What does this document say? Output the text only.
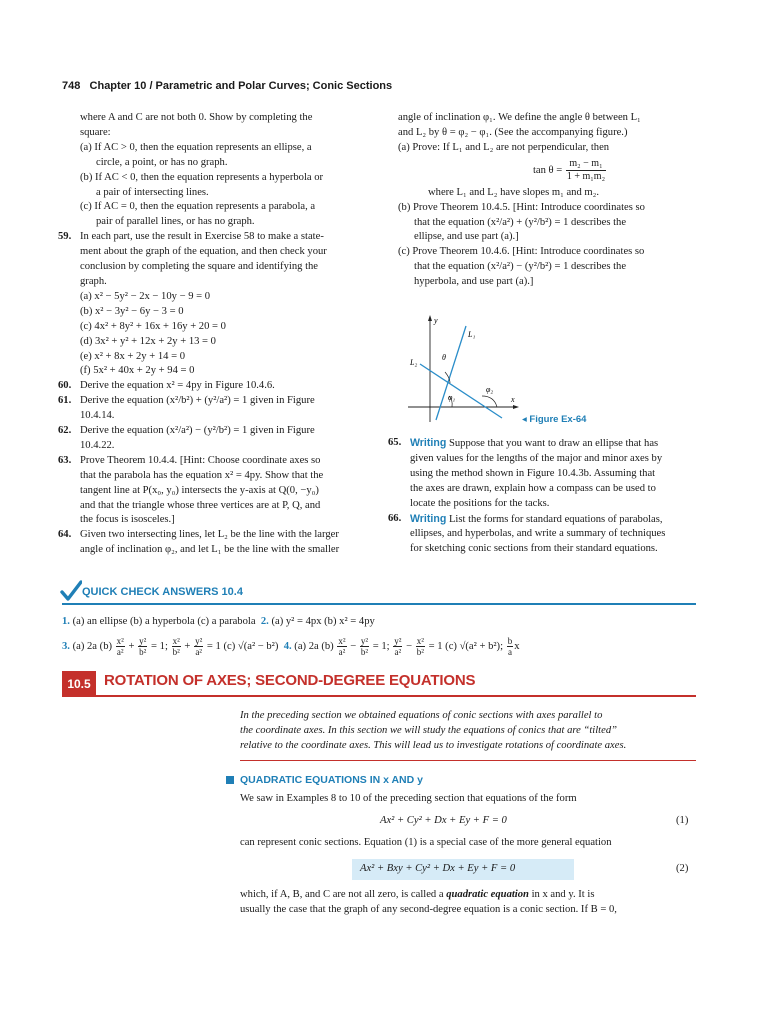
748 Chapter 10 / Parametric and Polar Curves; Conic Sections
where A and C are not both 0. Show by completing the
square:
(a) If AC > 0, then the equation represents an ellipse, a
circle, a point, or has no graph.
(b) If AC < 0, then the equation represents a hyperbola or
a pair of intersecting lines.
(c) If AC = 0, then the equation represents a parabola, a
pair of parallel lines, or has no graph.
59. In each part, use the result in Exercise 58 to make a state-
ment about the graph of the equation, and then check your
conclusion by completing the square and identifying the
graph.
(a) x² − 5y² − 2x − 10y − 9 = 0
(b) x² − 3y² − 6y − 3 = 0
(c) 4x² + 8y² + 16x + 16y + 20 = 0
(d) 3x² + y² + 12x + 2y + 13 = 0
(e) x² + 8x + 2y + 14 = 0
(f) 5x² + 40x + 2y + 94 = 0
60. Derive the equation x² = 4py in Figure 10.4.6.
61. Derive the equation (x²/b²) + (y²/a²) = 1 given in Figure
10.4.14.
62. Derive the equation (x²/a²) − (y²/b²) = 1 given in Figure
10.4.22.
63. Prove Theorem 10.4.4. [Hint: Choose coordinate axes so
that the parabola has the equation x² = 4py. Show that the
tangent line at P(x₀, y₀) intersects the y-axis at Q(0, −y₀)
and that the triangle whose three vertices are at P, Q, and
the focus is isosceles.]
64. Given two intersecting lines, let L₂ be the line with the larger
angle of inclination φ₂, and let L₁ be the line with the smaller
angle of inclination φ₁. We define the angle θ between L₁
and L₂ by θ = φ₂ − φ₁. (See the accompanying figure.)
(a) Prove: If L₁ and L₂ are not perpendicular, then
$\tan \theta = \frac{\text{m₂ − m₁}}{\text{1 + m₁m₂}}$
where L₁ and L₂ have slopes m₁ and m₂.
(b) Prove Theorem 10.4.5. [Hint: Introduce coordinates so
that the equation (x²/a²) + (y²/b²) = 1 describes the
ellipse, and use part (a).]
(c) Prove Theorem 10.4.6. [Hint: Introduce coordinates so
that the equation (x²/a²) − (y²/b²) = 1 describes the
hyperbola, and use part (a).]
y
x
L₁
L₂
θ
φ₁
φ₂
◂ Figure Ex-64
65. Writing Suppose that you want to draw an ellipse that has
given values for the lengths of the major and minor axes by
using the method shown in Figure 10.4.3b. Assuming that
the axes are drawn, explain how a compass can be used to
locate the positions for the tacks.
66. Writing List the forms for standard equations of parabolas,
ellipses, and hyperbolas, and write a summary of techniques
for sketching conic sections from their standard equations.
QUICK CHECK ANSWERS 10.4
1. (a) an ellipse (b) a hyperbola (c) a parabola 2. (a) y² = 4px (b) x² = 4py
3. (a) 2a $(b) \frac{\text{x²}}{\text{a²}} + \frac{\text{y²}}{\text{b²}} = 1$; $\frac{\text{x²}}{\text{b²}} + \frac{\text{y²}}{\text{a²}} = 1$ (c) √(a² − b²) 4. (a) 2a $(b) \frac{\text{x²}}{\text{a²}} - \frac{\text{y²}}{\text{b²}} = 1$; $\frac{\text{y²}}{\text{a²}} - \frac{\text{x²}}{\text{b²}} = 1$ (c) √(a² + b²); $\frac{b}{a}$ x
10.5 ROTATION OF AXES; SECOND-DEGREE EQUATIONS
In the preceding section we obtained equations of conic sections with axes parallel to
the coordinate axes. In this section we will study the equations of conics that are “tilted”
relative to the coordinate axes. This will lead us to investigate rotations of coordinate axes.
QUADRATIC EQUATIONS IN x AND y
We saw in Examples 8 to 10 of the preceding section that equations of the form
Ax² + Cy² + Dx + Ey + F = 0	(1)
can represent conic sections. Equation (1) is a special case of the more general equation
Ax² + Bxy + Cy² + Dx + Ey + F = 0	(2)
which, if A, B, and C are not all zero, is called a quadratic equation in x and y. It is
usually the case that the graph of any second-degree equation is a conic section. If B = 0,
